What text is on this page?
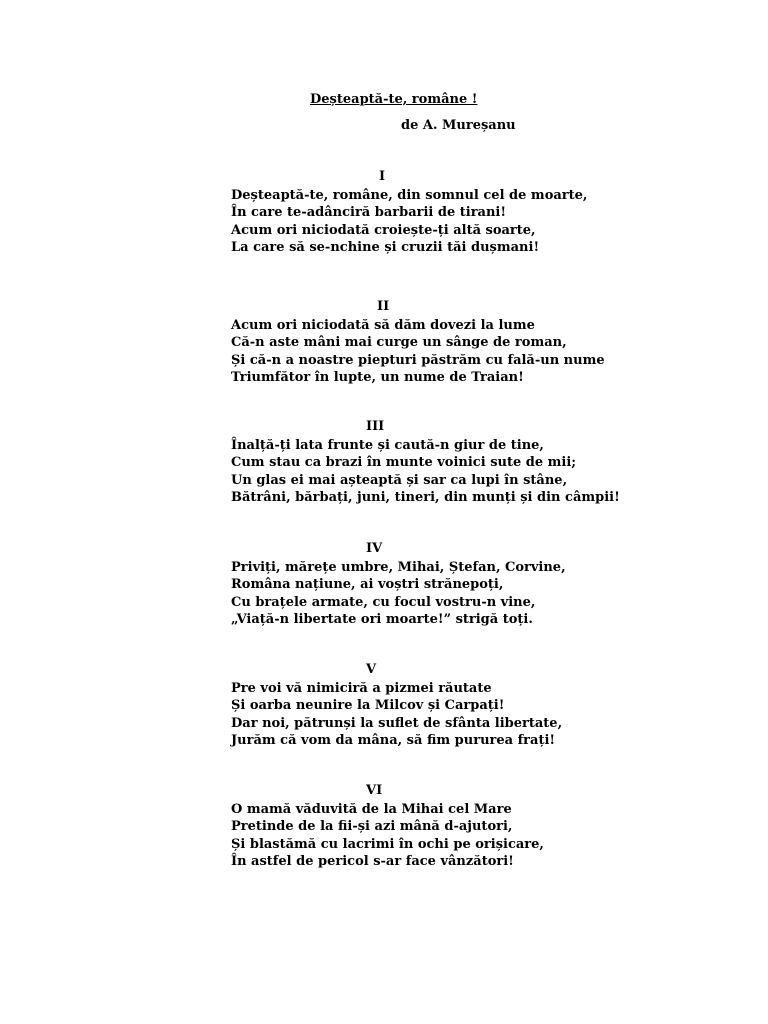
Deșteaptă-te, române !
de A. Mureșanu
I
Deșteaptă-te, române, din somnul cel de moarte,
În care te-adânciră barbarii de tirani!
Acum ori niciodată croiește-ți altă soarte,
La care să se-nchine și cruzii tăi dușmani!
II
Acum ori niciodată să dăm dovezi la lume
Că-n aste mâni mai curge un sânge de roman,
Și că-n a noastre piepturi păstrăm cu fală-un nume
Triumfător în lupte, un nume de Traian!
III
Înalță-ți lata frunte și caută-n giur de tine,
Cum stau ca brazi în munte voinici sute de mii;
Un glas ei mai așteaptă și sar ca lupi în stâne,
Bătrâni, bărbați, juni, tineri, din munți și din câmpii!
IV
Priviți, mărețe umbre, Mihai, Ștefan, Corvine,
Româna națiune, ai voștri strănepoți,
Cu brațele armate, cu focul vostru-n vine,
„Viață-n libertate ori moarte!” strigă toți.
V
Pre voi vă nimiciră a pizmei răutate
Și oarba neunire la Milcov și Carpați!
Dar noi, pătrunși la suflet de sfânta libertate,
Jurăm că vom da mâna, să fim pururea frați!
VI
O mamă văduvită de la Mihai cel Mare
Pretinde de la fii-și azi mână d-ajutori,
Și blastămă cu lacrimi în ochi pe orișicare,
În astfel de pericol s-ar face vânzători!
